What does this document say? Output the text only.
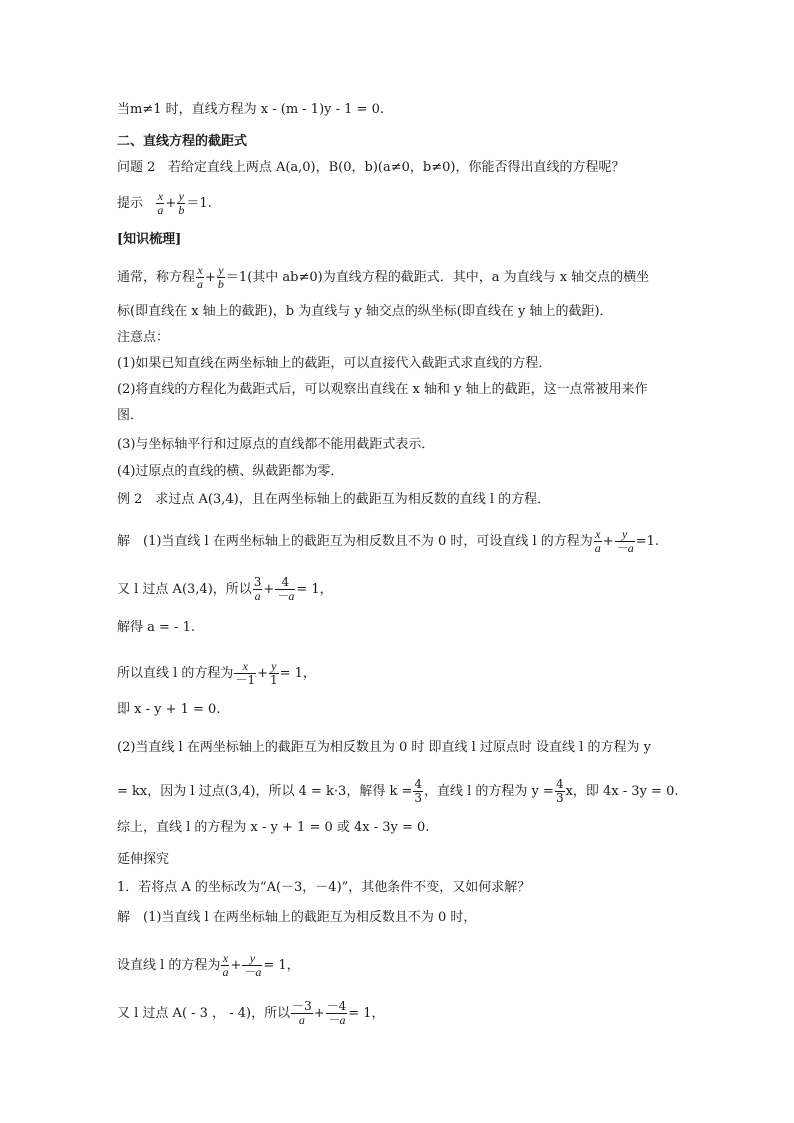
当m≠1 时，直线方程为 x - (m - 1)y - 1 = 0.
二、直线方程的截距式
问题 2 若给定直线上两点 A(a,0)，B(0，b)(a≠0，b≠0)，你能否得出直线的方程呢？
提示 $\frac{x}{a} + \frac{y}{b} =1$.
[知识梳理]
通常，称方程 $\frac{x}{a} + \frac{y}{b} =1$(其中 ab≠0)为直线方程的截距式．其中，a 为直线与 x 轴交点的横坐
标(即直线在 x 轴上的截距)，b 为直线与 y 轴交点的纵坐标(即直线在 y 轴上的截距)．
注意点：
(1)如果已知直线在两坐标轴上的截距，可以直接代入截距式求直线的方程．
(2)将直线的方程化为截距式后，可以观察出直线在 x 轴和 y 轴上的截距，这一点常被用来作
图．
(3)与坐标轴平行和过原点的直线都不能用截距式表示．
(4)过原点的直线的横、纵截距都为零．
例 2　求过点 A(3,4)，且在两坐标轴上的截距互为相反数的直线 l 的方程．
解　(1)当直线 l 在两坐标轴上的截距互为相反数且不为 0 时，可设直线 l 的方程为 $\frac{x}{a} + \frac{y}{-a} =1$.
又 l 过点 A(3,4)，所以 $\frac{3}{a} + \frac{4}{-a} = 1$，
解得 a = - 1.
所以直线 l 的方程为 $\frac{x}{-1} + \frac{y}{1} = 1$，
即 x - y + 1 = 0.
(2)当直线 l 在两坐标轴上的截距互为相反数且为 0 时 即直线 l 过原点时 设直线 l 的方程为 y
= kx，因为 l 过点(3,4)，所以 4 = k·3，解得 $k = \frac{4}{3}$ ，直线 l 的方程为 $y = \frac{4}{3}$ x，即 4x - 3y = 0.
综上，直线 l 的方程为 x - y + 1 = 0 或 4x - 3y = 0.
延伸探究
1．若将点 A 的坐标改为“A(－3，－4)”，其他条件不变，又如何求解？
解　(1)当直线 l 在两坐标轴上的截距互为相反数且不为 0 时，
设直线 l 的方程为 $\frac{x}{a} + \frac{y}{-a} = 1$，
又 l 过点 A( - 3 ， - 4)，所以 $\frac{-3}{a} + \frac{-4}{-a} = 1$，
